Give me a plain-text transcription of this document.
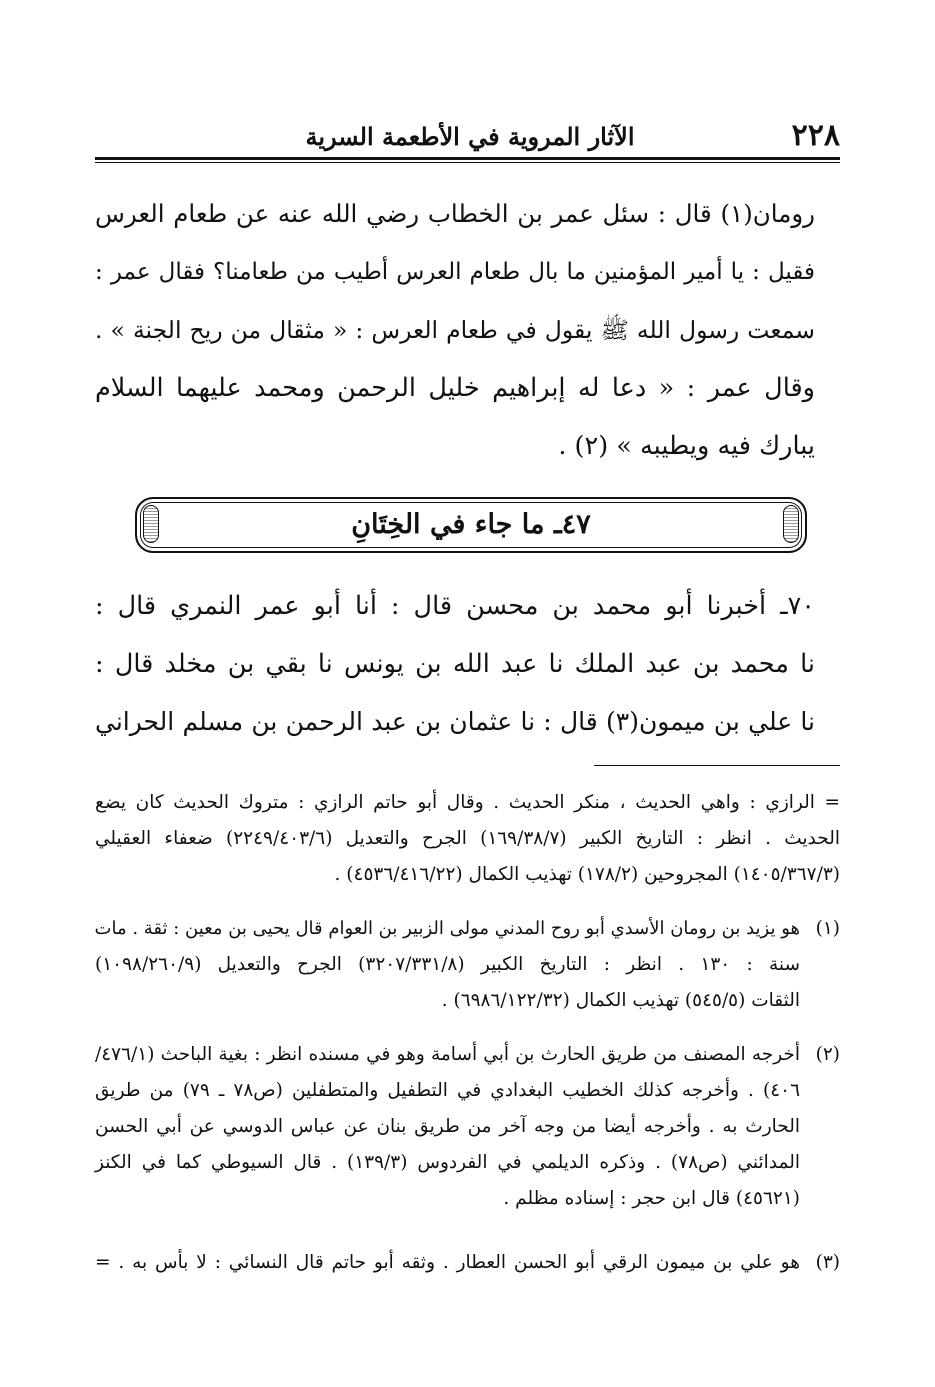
٢٢٨
الآثار المروية في الأطعمة السرية
رومان(١) قال : سئل عمر بن الخطاب رضي الله عنه عن طعام العرس
فقيل : يا أمير المؤمنين ما بال طعام العرس أطيب من طعامنا؟ فقال عمر :
سمعت رسول الله ﷺ يقول في طعام العرس : « مثقال من ريح الجنة » .
وقال عمر : « دعا له إبراهيم خليل الرحمن ومحمد عليهما السلام
يبارك فيه ويطيبه » (٢) .
٤٧ـ ما جاء في الخِتَانِ
٧٠ـ أخبرنا أبو محمد بن محسن قال : أنا أبو عمر النمري قال :
نا محمد بن عبد الملك نا عبد الله بن يونس نا بقي بن مخلد قال :
نا علي بن ميمون(٣) قال : نا عثمان بن عبد الرحمن بن مسلم الحراني
= الرازي : واهي الحديث ، منكر الحديث . وقال أبو حاتم الرازي : متروك الحديث كان يضع
الحديث . انظر : التاريخ الكبير (١٦٩/٣٨/٧) الجرح والتعديل (٢٢٤٩/٤٠٣/٦) ضعفاء العقيلي
(١٤٠٥/٣٦٧/٣) المجروحين (١٧٨/٢) تهذيب الكمال (٤٥٣٦/٤١٦/٢٢) .
(١)
هو يزيد بن رومان الأسدي أبو روح المدني مولى الزبير بن العوام قال يحيى بن معين : ثقة . مات
سنة : ١٣٠ . انظر : التاريخ الكبير (٣٢٠٧/٣٣١/٨) الجرح والتعديل (١٠٩٨/٢٦٠/٩)
الثقات (٥٤٥/٥) تهذيب الكمال (٦٩٨٦/١٢٢/٣٢) .
(٢)
أخرجه المصنف من طريق الحارث بن أبي أسامة وهو في مسنده انظر : بغية الباحث (٤٧٦/١/
٤٠٦) . وأخرجه كذلك الخطيب البغدادي في التطفيل والمتطفلين (ص٧٨ ـ ٧٩) من طريق
الحارث به . وأخرجه أيضا من وجه آخر من طريق بنان عن عباس الدوسي عن أبي الحسن
المدائني (ص٧٨) . وذكره الديلمي في الفردوس (١٣٩/٣) . قال السيوطي كما في الكنز
(٤٥٦٢١) قال ابن حجر : إسناده مظلم .
(٣)
هو علي بن ميمون الرقي أبو الحسن العطار . وثقه أبو حاتم قال النسائي : لا بأس به . =
